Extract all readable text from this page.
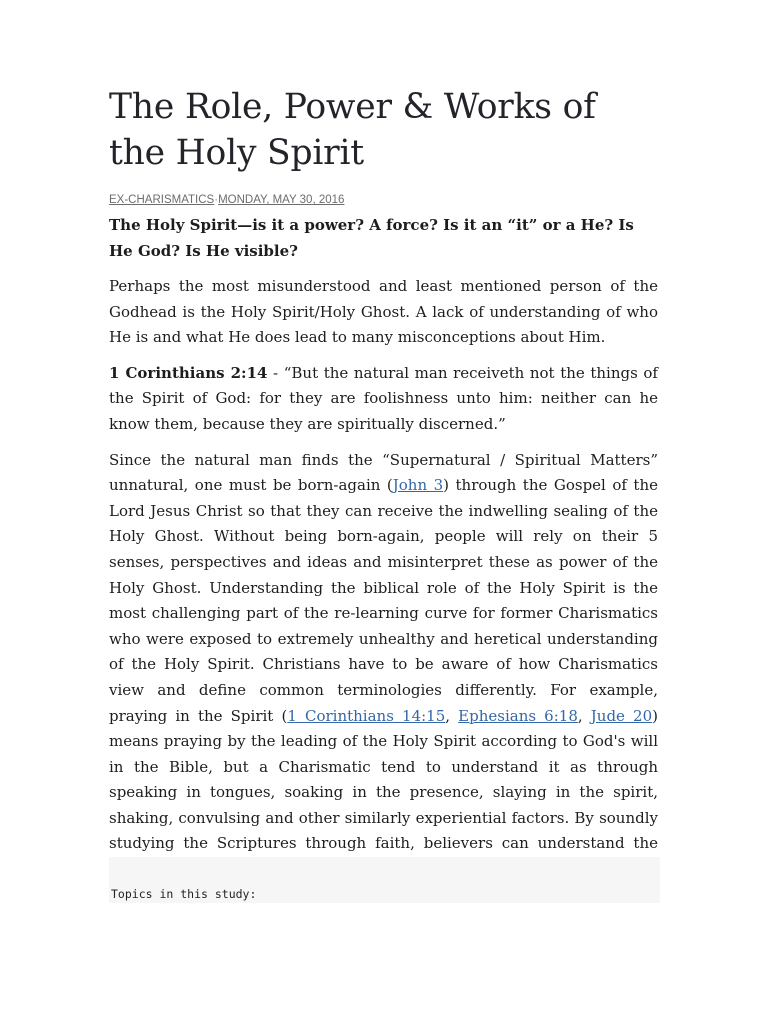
The Role, Power & Works of the Holy Spirit
EX-CHARISMATICS·MONDAY, MAY 30, 2016

The Holy Spirit—is it a power? A force? Is it an “it” or a He? Is He God? Is He visible?

Perhaps the most misunderstood and least mentioned person of the Godhead is the Holy Spirit/Holy Ghost. A lack of understanding of who He is and what He does lead to many misconceptions about Him.

1 Corinthians 2:14 - “But the natural man receiveth not the things of the Spirit of God: for they are foolishness unto him: neither can he know them, because they are spiritually discerned.”

Since the natural man finds the “Supernatural / Spiritual Matters” unnatural, one must be born-again (John 3) through the Gospel of the Lord Jesus Christ so that they can receive the indwelling sealing of the Holy Ghost. Without being born-again, people will rely on their 5 senses, perspectives and ideas and misinterpret these as power of the Holy Ghost. Understanding the biblical role of the Holy Spirit is the most challenging part of the re-learning curve for former Charismatics who were exposed to extremely unhealthy and heretical understanding of the Holy Spirit. Christians have to be aware of how Charismatics view and define common terminologies differently. For example, praying in the Spirit (1 Corinthians 14:15, Ephesians 6:18, Jude 20) means praying by the leading of the Holy Spirit according to God's will in the Bible, but a Charismatic tend to understand it as through speaking in tongues, soaking in the presence, slaying in the spirit, shaking, convulsing and other similarly experiential factors. By soundly studying the Scriptures through faith, believers can understand the

Topics in this study:
